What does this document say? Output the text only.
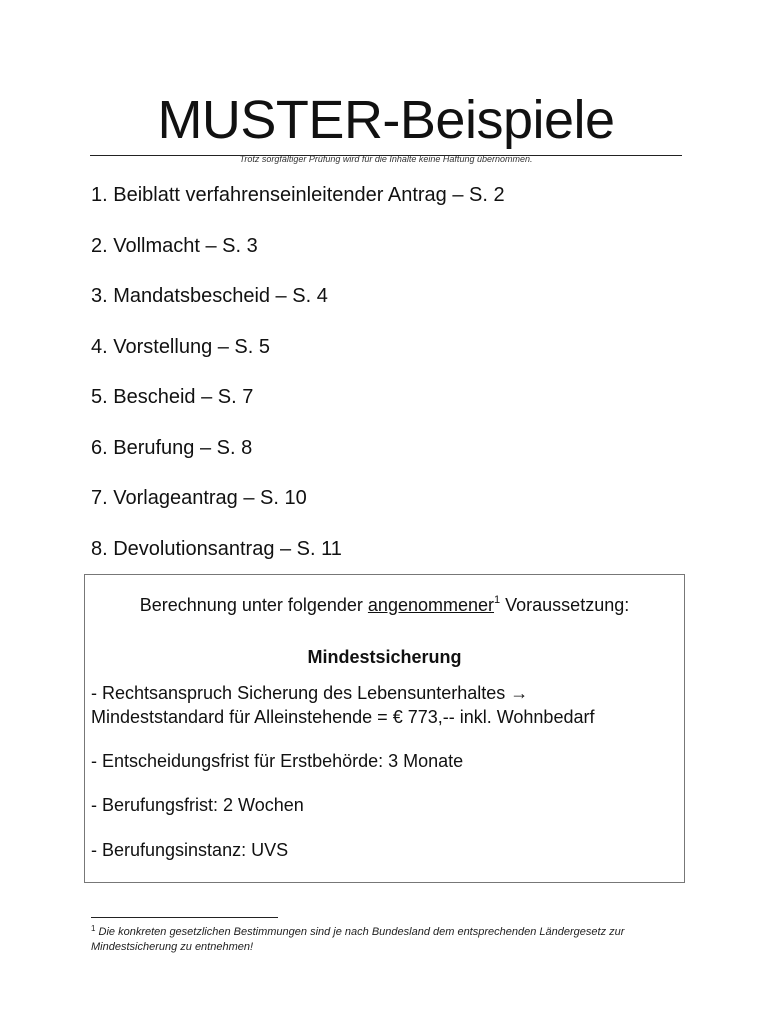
MUSTER-Beispiele
Trotz sorgfältiger Prüfung wird für die Inhalte keine Haftung übernommen.
1. Beiblatt verfahrenseinleitender Antrag – S. 2
2. Vollmacht – S. 3
3. Mandatsbescheid – S. 4
4. Vorstellung – S. 5
5. Bescheid – S. 7
6. Berufung – S. 8
7. Vorlageantrag – S. 10
8. Devolutionsantrag – S. 11
Berechnung unter folgender angenommener$^1$ Voraussetzung:
Mindestsicherung
- Rechtsanspruch Sicherung des Lebensunterhaltes →
Mindeststandard für Alleinstehende = € 773,-- inkl. Wohnbedarf
- Entscheidungsfrist für Erstbehörde: 3 Monate
- Berufungsfrist: 2 Wochen
- Berufungsinstanz: UVS
$^1$ Die konkreten gesetzlichen Bestimmungen sind je nach Bundesland dem entsprechenden Ländergesetz zur Mindestsicherung zu entnehmen!
